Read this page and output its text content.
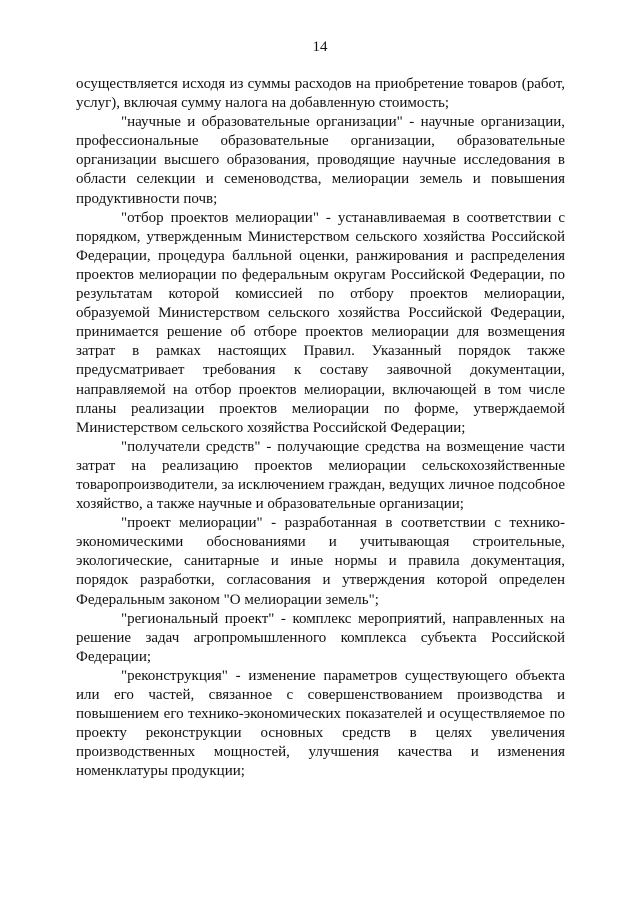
14

осуществляется исходя из суммы расходов на приобретение товаров (работ, услуг), включая сумму налога на добавленную стоимость;

"научные и образовательные организации" - научные организации, профессиональные образовательные организации, образовательные организации высшего образования, проводящие научные исследования в области селекции и семеноводства, мелиорации земель и повышения продуктивности почв;

"отбор проектов мелиорации" - устанавливаемая в соответствии с порядком, утвержденным Министерством сельского хозяйства Российской Федерации, процедура балльной оценки, ранжирования и распределения проектов мелиорации по федеральным округам Российской Федерации, по результатам которой комиссией по отбору проектов мелиорации, образуемой Министерством сельского хозяйства Российской Федерации, принимается решение об отборе проектов мелиорации для возмещения затрат в рамках настоящих Правил. Указанный порядок также предусматривает требования к составу заявочной документации, направляемой на отбор проектов мелиорации, включающей в том числе планы реализации проектов мелиорации по форме, утверждаемой Министерством сельского хозяйства Российской Федерации;

"получатели средств" - получающие средства на возмещение части затрат на реализацию проектов мелиорации сельскохозяйственные товаропроизводители, за исключением граждан, ведущих личное подсобное хозяйство, а также научные и образовательные организации;

"проект мелиорации" - разработанная в соответствии с технико-экономическими обоснованиями и учитывающая строительные, экологические, санитарные и иные нормы и правила документация, порядок разработки, согласования и утверждения которой определен Федеральным законом "О мелиорации земель";

"региональный проект" - комплекс мероприятий, направленных на решение задач агропромышленного комплекса субъекта Российской Федерации;

"реконструкция" - изменение параметров существующего объекта или его частей, связанное с совершенствованием производства и повышением его технико-экономических показателей и осуществляемое по проекту реконструкции основных средств в целях увеличения производственных мощностей, улучшения качества и изменения номенклатуры продукции;
